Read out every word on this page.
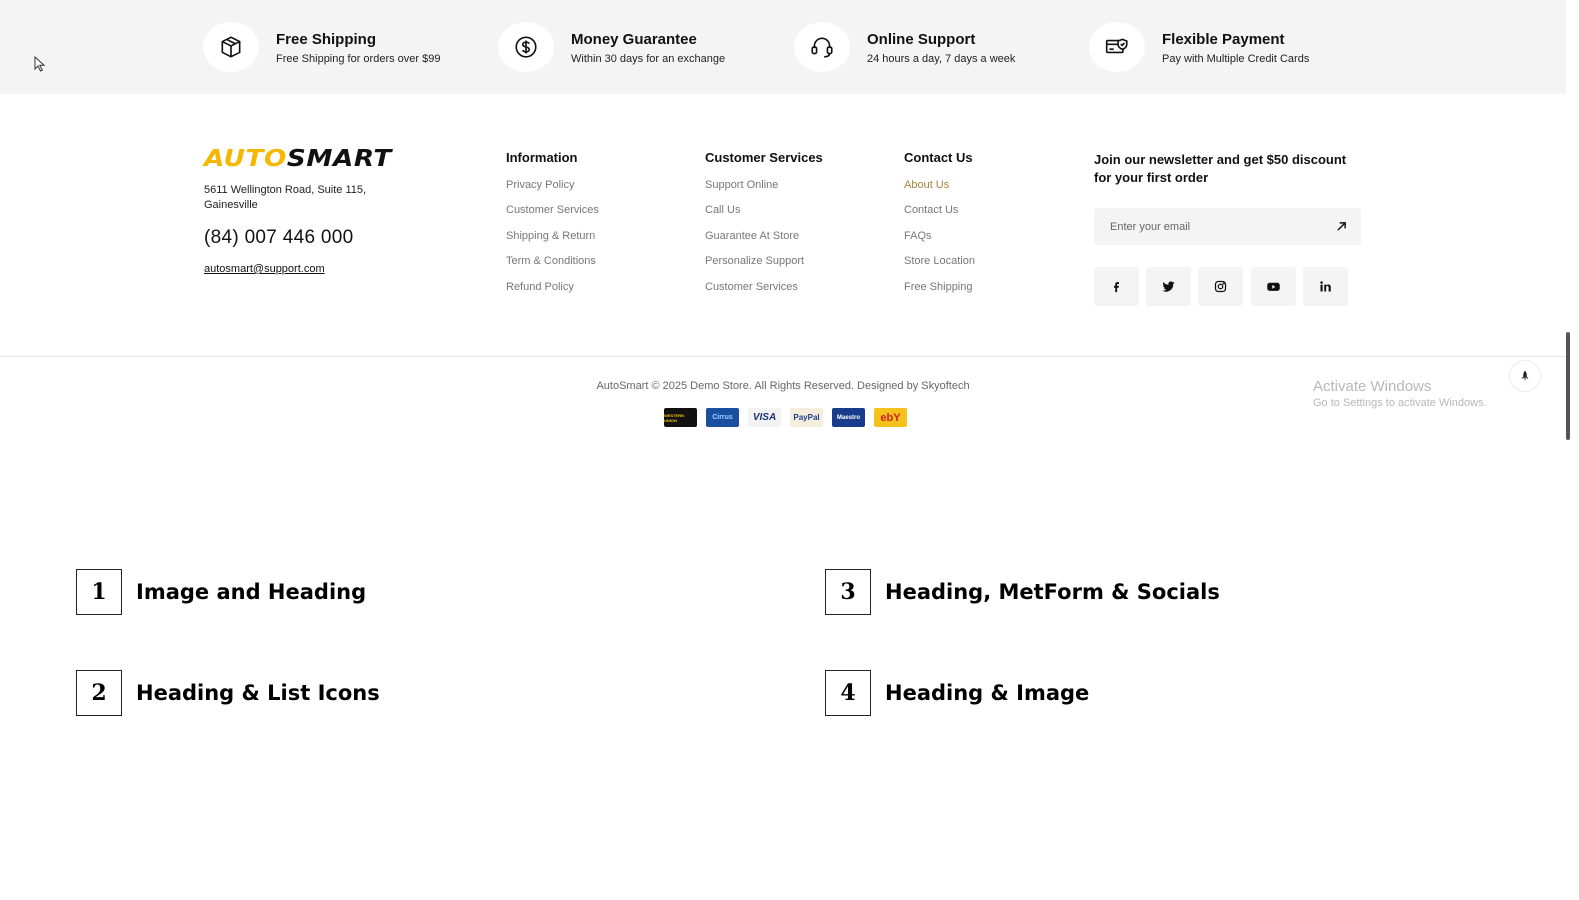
Free Shipping
Free Shipping for orders over $99
Money Guarantee
Within 30 days for an exchange
Online Support
24 hours a day, 7 days a week
Flexible Payment
Pay with Multiple Credit Cards
AUTOSMART
5611 Wellington Road, Suite 115, Gainesville
(84) 007 446 000
autosmart@support.com
Information
Privacy Policy
Customer Services
Shipping & Return
Term & Conditions
Refund Policy
Customer Services
Support Online
Call Us
Guarantee At Store
Personalize Support
Customer Services
Contact Us
About Us
Contact Us
FAQs
Store Location
Free Shipping
Join our newsletter and get $50 discount for your first order
Enter your email
AutoSmart © 2025 Demo Store. All Rights Reserved. Designed by Skyoftech
WESTERN UNION	Cirrus	VISA	PayPal	Maestro	ebY
Activate Windows
Go to Settings to activate Windows.
1	Image and Heading
2	Heading & List Icons
3	Heading, MetForm & Socials
4	Heading & Image
